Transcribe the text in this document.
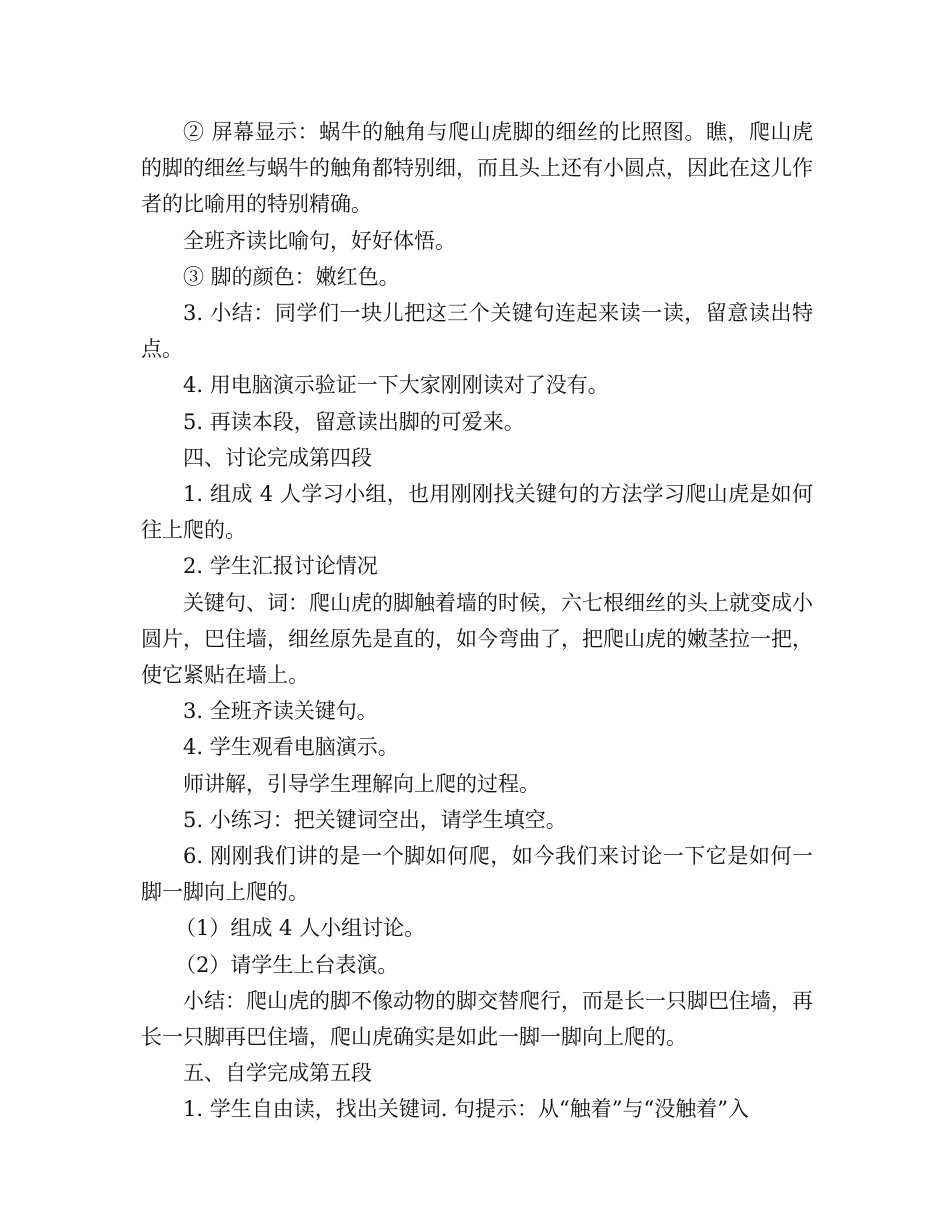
② 屏幕显示：蜗牛的触角与爬山虎脚的细丝的比照图。瞧，爬山虎的脚的细丝与蜗牛的触角都特别细，而且头上还有小圆点，因此在这儿作者的比喻用的特别精确。

全班齐读比喻句，好好体悟。

③ 脚的颜色：嫩红色。

3. 小结：同学们一块儿把这三个关键句连起来读一读，留意读出特点。

4. 用电脑演示验证一下大家刚刚读对了没有。

5. 再读本段，留意读出脚的可爱来。

四、讨论完成第四段

1. 组成 4 人学习小组，也用刚刚找关键句的方法学习爬山虎是如何往上爬的。

2. 学生汇报讨论情况

关键句、词：爬山虎的脚触着墙的时候，六七根细丝的头上就变成小圆片，巴住墙，细丝原先是直的，如今弯曲了，把爬山虎的嫩茎拉一把，使它紧贴在墙上。

3. 全班齐读关键句。

4. 学生观看电脑演示。

师讲解，引导学生理解向上爬的过程。

5. 小练习：把关键词空出，请学生填空。

6. 刚刚我们讲的是一个脚如何爬，如今我们来讨论一下它是如何一脚一脚向上爬的。

（1）组成 4 人小组讨论。

（2）请学生上台表演。

小结：爬山虎的脚不像动物的脚交替爬行，而是长一只脚巴住墙，再长一只脚再巴住墙，爬山虎确实是如此一脚一脚向上爬的。

五、自学完成第五段

1. 学生自由读，找出关键词. 句提示：从“触着”与“没触着”入
